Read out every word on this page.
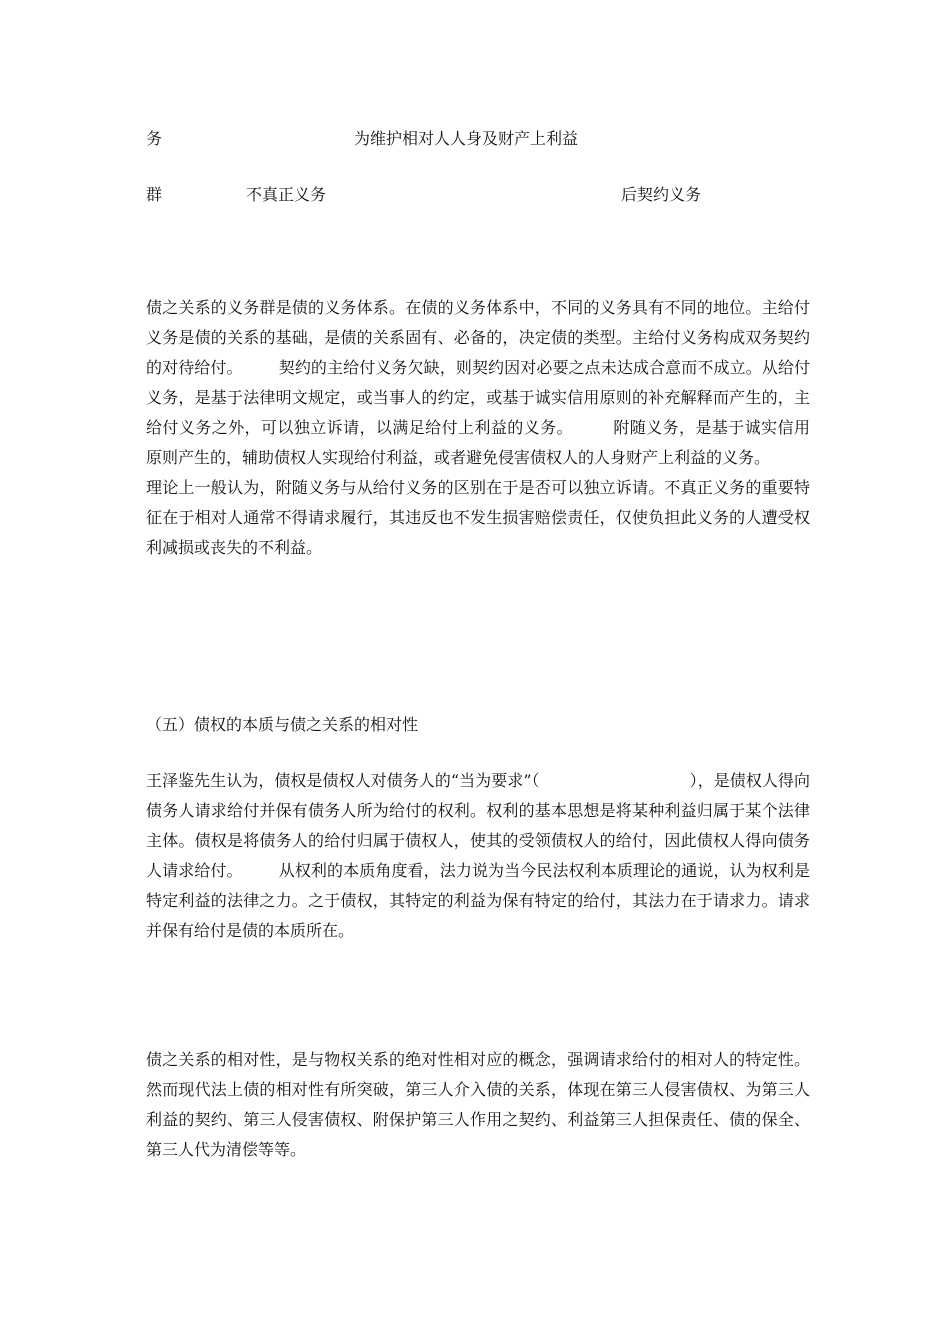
务	为维护相对人人身及财产上利益
群	不真正义务	后契约义务

债之关系的义务群是债的义务体系。在债的义务体系中，不同的义务具有不同的地位。主给付义务是债的关系的基础，是债的关系固有、必备的，决定债的类型。主给付义务构成双务契约的对待给付。 契约的主给付义务欠缺，则契约因对必要之点未达成合意而不成立。从给付义务，是基于法律明文规定，或当事人的约定，或基于诚实信用原则的补充解释而产生的，主给付义务之外，可以独立诉请，以满足给付上利益的义务。	附随义务，是基于诚实信用原则产生的，辅助债权人实现给付利益，或者避免侵害债权人的人身财产上利益的义务。理论上一般认为，附随义务与从给付义务的区别在于是否可以独立诉请。不真正义务的重要特征在于相对人通常不得请求履行，其违反也不发生损害赔偿责任，仅使负担此义务的人遭受权利减损或丧失的不利益。

（五）债权的本质与债之关系的相对性

王泽鉴先生认为，债权是债权人对债务人的“当为要求”（	），是债权人得向债务人请求给付并保有债务人所为给付的权利。权利的基本思想是将某种利益归属于某个法律主体。债权是将债务人的给付归属于债权人，使其的受领债权人的给付，因此债权人得向债务人请求给付。 从权利的本质角度看，法力说为当今民法权利本质理论的通说，认为权利是特定利益的法律之力。之于债权，其特定的利益为保有特定的给付，其法力在于请求力。请求并保有给付是债的本质所在。

债之关系的相对性，是与物权关系的绝对性相对应的概念，强调请求给付的相对人的特定性。然而现代法上债的相对性有所突破，第三人介入债的关系，体现在第三人侵害债权、为第三人利益的契约、第三人侵害债权、附保护第三人作用之契约、利益第三人担保责任、债的保全、第三人代为清偿等等。
